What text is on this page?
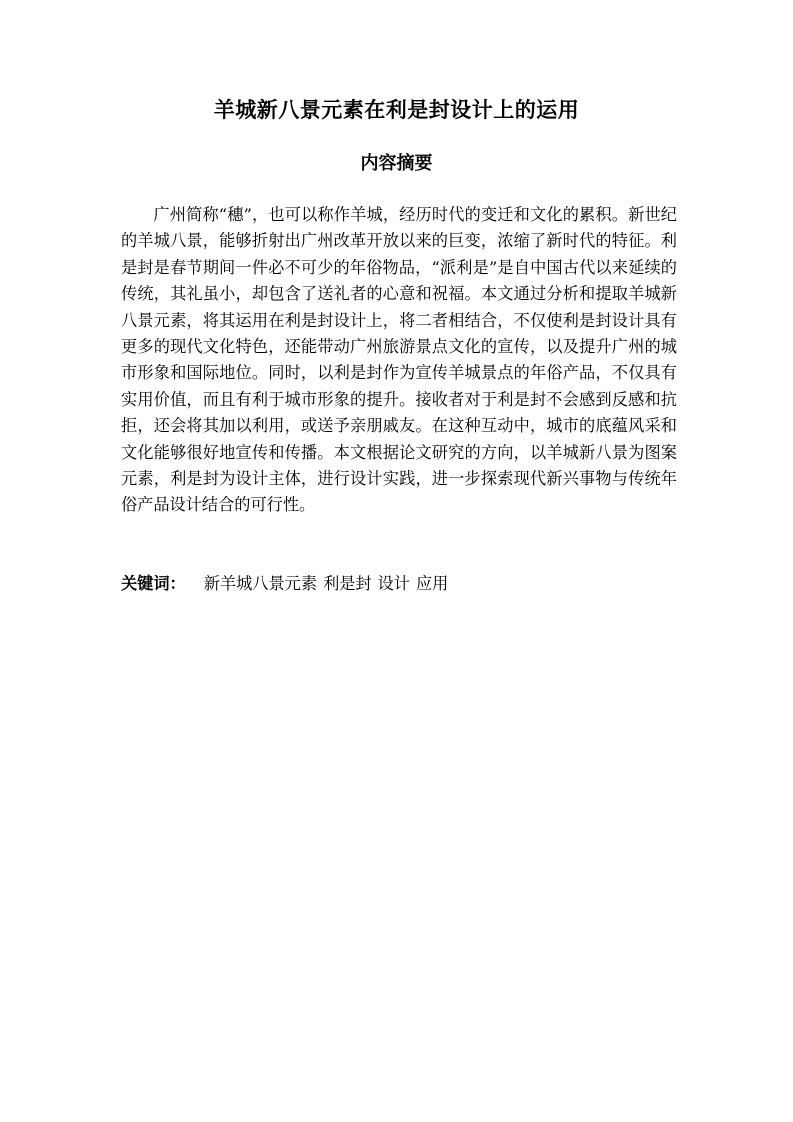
羊城新八景元素在利是封设计上的运用
内容摘要

广州简称“穗”，也可以称作羊城，经历时代的变迁和文化的累积。新世纪的羊城八景，能够折射出广州改革开放以来的巨变，浓缩了新时代的特征。利是封是春节期间一件必不可少的年俗物品，“派利是”是自中国古代以来延续的传统，其礼虽小，却包含了送礼者的心意和祝福。本文通过分析和提取羊城新八景元素，将其运用在利是封设计上，将二者相结合，不仅使利是封设计具有更多的现代文化特色，还能带动广州旅游景点文化的宣传，以及提升广州的城市形象和国际地位。同时，以利是封作为宣传羊城景点的年俗产品，不仅具有实用价值，而且有利于城市形象的提升。接收者对于利是封不会感到反感和抗拒，还会将其加以利用，或送予亲朋戚友。在这种互动中，城市的底蕴风采和文化能够很好地宣传和传播。本文根据论文研究的方向，以羊城新八景为图案元素，利是封为设计主体，进行设计实践，进一步探索现代新兴事物与传统年俗产品设计结合的可行性。

关键词： 新羊城八景元素 利是封 设计 应用
